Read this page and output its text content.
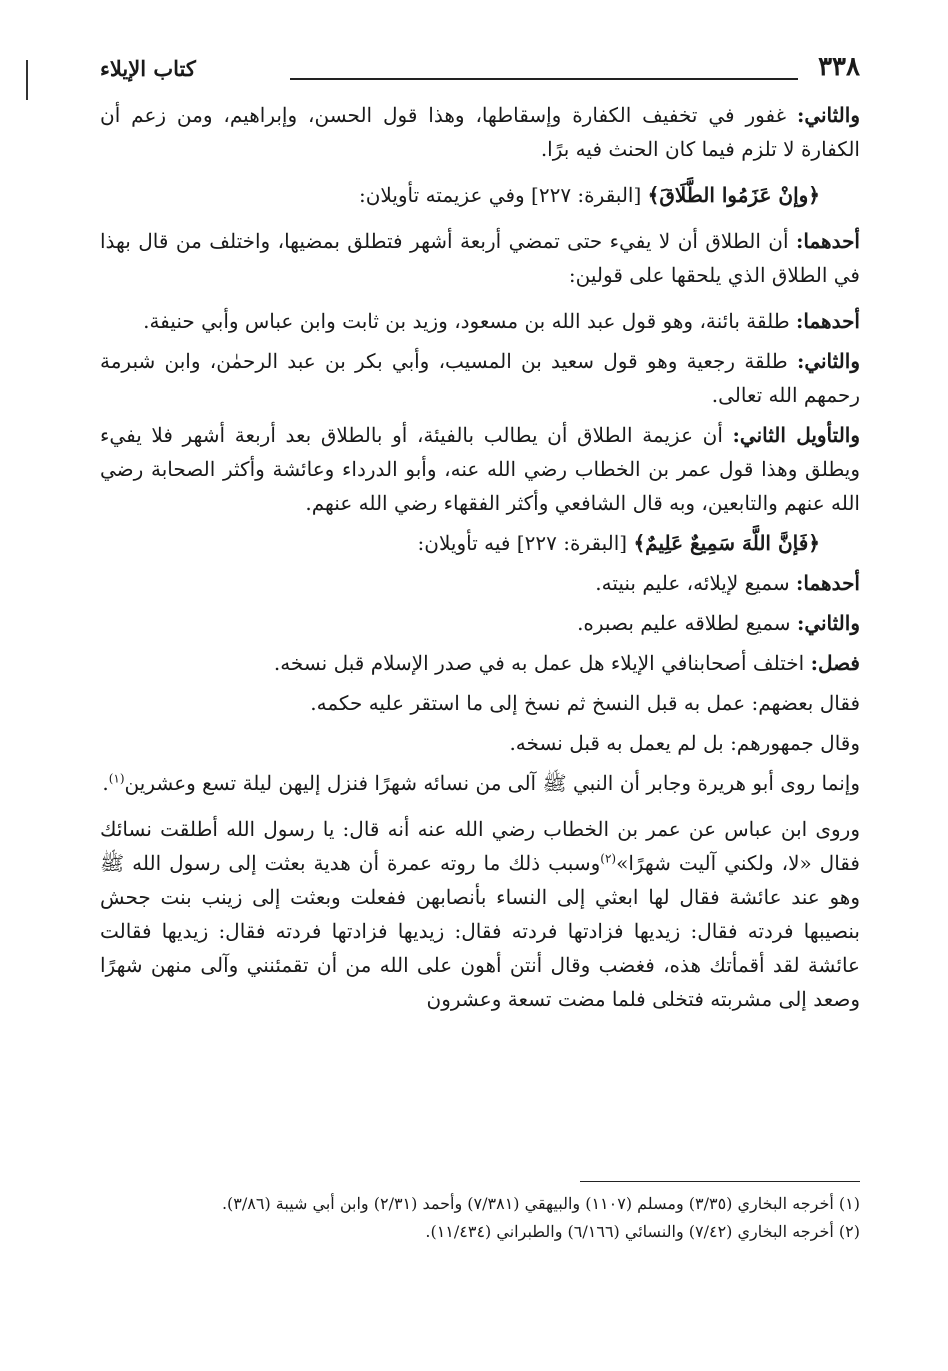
٣٣٨
كتاب الإيلاء

والثاني: غفور في تخفيف الكفارة وإسقاطها، وهذا قول الحسن، وإبراهيم، ومن زعم أن الكفارة لا تلزم فيما كان الحنث فيه برًا.

﴿وإنْ عَزَمُوا الطَّلَاقَ﴾ [البقرة: ٢٢٧] وفي عزيمته تأويلان:

أحدهما: أن الطلاق أن لا يفيء حتى تمضي أربعة أشهر فتطلق بمضيها، واختلف من قال بهذا في الطلاق الذي يلحقها على قولين:

أحدهما: طلقة بائنة، وهو قول عبد الله بن مسعود، وزيد بن ثابت وابن عباس وأبي حنيفة.

والثاني: طلقة رجعية وهو قول سعيد بن المسيب، وأبي بكر بن عبد الرحمٰن، وابن شبرمة رحمهم الله تعالى.

والتأويل الثاني: أن عزيمة الطلاق أن يطالب بالفيئة، أو بالطلاق بعد أربعة أشهر فلا يفيء ويطلق وهذا قول عمر بن الخطاب رضي الله عنه، وأبو الدرداء وعائشة وأكثر الصحابة رضي الله عنهم والتابعين، وبه قال الشافعي وأكثر الفقهاء رضي الله عنهم.

﴿فَإنَّ اللَّهَ سَمِيعٌ عَلِيمٌ﴾ [البقرة: ٢٢٧] فيه تأويلان:

أحدهما: سميع لإيلائه، عليم بنيته.

والثاني: سميع لطلاقه عليم بصبره.

فصل: اختلف أصحابنافي الإيلاء هل عمل به في صدر الإسلام قبل نسخه.

فقال بعضهم: عمل به قبل النسخ ثم نسخ إلى ما استقر عليه حكمه.

وقال جمهورهم: بل لم يعمل به قبل نسخه.

وإنما روى أبو هريرة وجابر أن النبي ﷺ آلى من نسائه شهرًا فنزل إليهن ليلة تسع وعشرين$^{(١)}$.

وروى ابن عباس عن عمر بن الخطاب رضي الله عنه أنه قال: يا رسول الله أطلقت نسائك فقال «لا، ولكني آليت شهرًا»$^{(٢)}$وسبب ذلك ما روته عمرة أن هدية بعثت إلى رسول الله ﷺ وهو عند عائشة فقال لها ابعثي إلى النساء بأنصابهن ففعلت وبعثت إلى زينب بنت جحش بنصيبها فردته فقال: زيديها فزادتها فردته فقال: زيديها فزادتها فردته فقال: زيديها فقالت عائشة لقد أقمأتك هذه، فغضب وقال أنتن أهون على الله من أن تقمئنني وآلى منهن شهرًا وصعد إلى مشربته فتخلى فلما مضت تسعة وعشرون

(١) أخرجه البخاري (٣/٣٥) ومسلم (١١٠٧) والبيهقي (٧/٣٨١) وأحمد (٢/٣١) وابن أبي شيبة (٣/٨٦).

(٢) أخرجه البخاري (٧/٤٢) والنسائي (٦/١٦٦) والطبراني (١١/٤٣٤).
